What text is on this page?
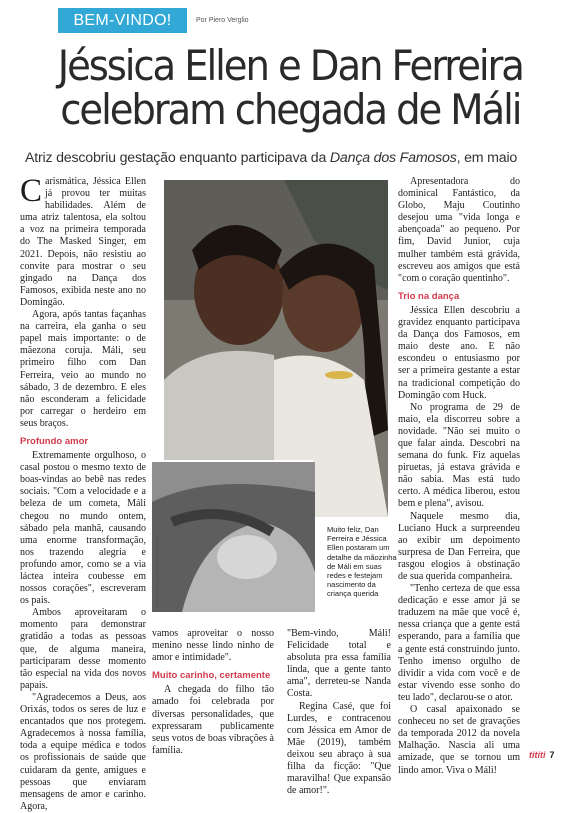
BEM-VINDO!	Por Piero Verglio
Jéssica Ellen e Dan Ferreira
celebram chegada de Máli
Atriz descobriu gestação enquanto participava da Dança dos Famosos, em maio

Carismática, Jéssica Ellen já provou ter muitas habilidades. Além de uma atriz talentosa, ela soltou a voz na primeira temporada do The Masked Singer, em 2021. Depois, não resistiu ao convite para mostrar o seu gingado na Dança dos Famosos, exibida neste ano no Domingão.

Agora, após tantas façanhas na carreira, ela ganha o seu papel mais importante: o de mãezona coruja. Máli, seu primeiro filho com Dan Ferreira, veio ao mundo no sábado, 3 de dezembro. E eles não esconderam a felicidade por carregar o herdeiro em seus braços.

Profundo amor

Extremamente orgulhoso, o casal postou o mesmo texto de boas-vindas ao bebê nas redes sociais. "Com a velocidade e a beleza de um cometa, Máli chegou no mundo ontem, sábado pela manhã, causando uma enorme transformação, nos trazendo alegria e profundo amor, como se a via láctea inteira coubesse em nossos corações", escreveram os pais.

Ambos aproveitaram o momento para demonstrar gratidão a todas as pessoas que, de alguma maneira, participaram desse momento tão especial na vida dos novos papais.

"Agradecemos a Deus, aos Orixás, todos os seres de luz e encantados que nos protegem. Agradecemos à nossa família, toda a equipe médica e todos os profissionais de saúde que cuidaram da gente, amigues e pessoas que enviaram mensagens de amor e carinho. Agora,

Fotos: Instagram/Reprodução
Muito feliz, Dan Ferreira e Jéssica Ellen postaram um detalhe da mãozinha de Máli em suas redes e festejam nascimento da criança querida

vamos aproveitar o nosso menino nesse lindo ninho de amor e intimidade".

Muito carinho, certamente

A chegada do filho tão amado foi celebrada por diversas personalidades, que expressaram publicamente seus votos de boas vibrações à família.

"Bem-vindo, Máli! Felicidade total e absoluta pra essa família linda, que a gente tanto ama", derreteu-se Nanda Costa.

Regina Casé, que foi Lurdes, e contracenou com Jéssica em Amor de Mãe (2019), também deixou seu abraço à sua filha da ficção: "Que maravilha! Que expansão de amor!".

Apresentadora do dominical Fantástico, da Globo, Maju Coutinho desejou uma "vida longa e abençoada" ao pequeno. Por fim, David Junior, cuja mulher também está grávida, escreveu aos amigos que está "com o coração quentinho".

Trio na dança

Jéssica Ellen descobriu a gravidez enquanto participava da Dança dos Famosos, em maio deste ano. E não escondeu o entusiasmo por ser a primeira gestante a estar na tradicional competição do Domingão com Huck.

No programa de 29 de maio, ela discorreu sobre a novidade. "Não sei muito o que falar ainda. Descobri na semana do funk. Fiz aquelas piruetas, já estava grávida e não sabia. Mas está tudo certo. A médica liberou, estou bem e plena", avisou.

Naquele mesmo dia, Luciano Huck a surpreendeu ao exibir um depoimento surpresa de Dan Ferreira, que rasgou elogios à obstinação de sua querida companheira.

"Tenho certeza de que essa dedicação e esse amor já se traduzem na mãe que você é, nessa criança que a gente está esperando, para a família que a gente está construindo junto. Tenho imenso orgulho de dividir a vida com você e de estar vivendo esse sonho do teu lado", declarou-se o ator.

O casal apaixonado se conheceu no set de gravações da temporada 2012 da novela Malhação. Nascia ali uma amizade, que se tornou um lindo amor. Viva o Máli!

tititi 7
